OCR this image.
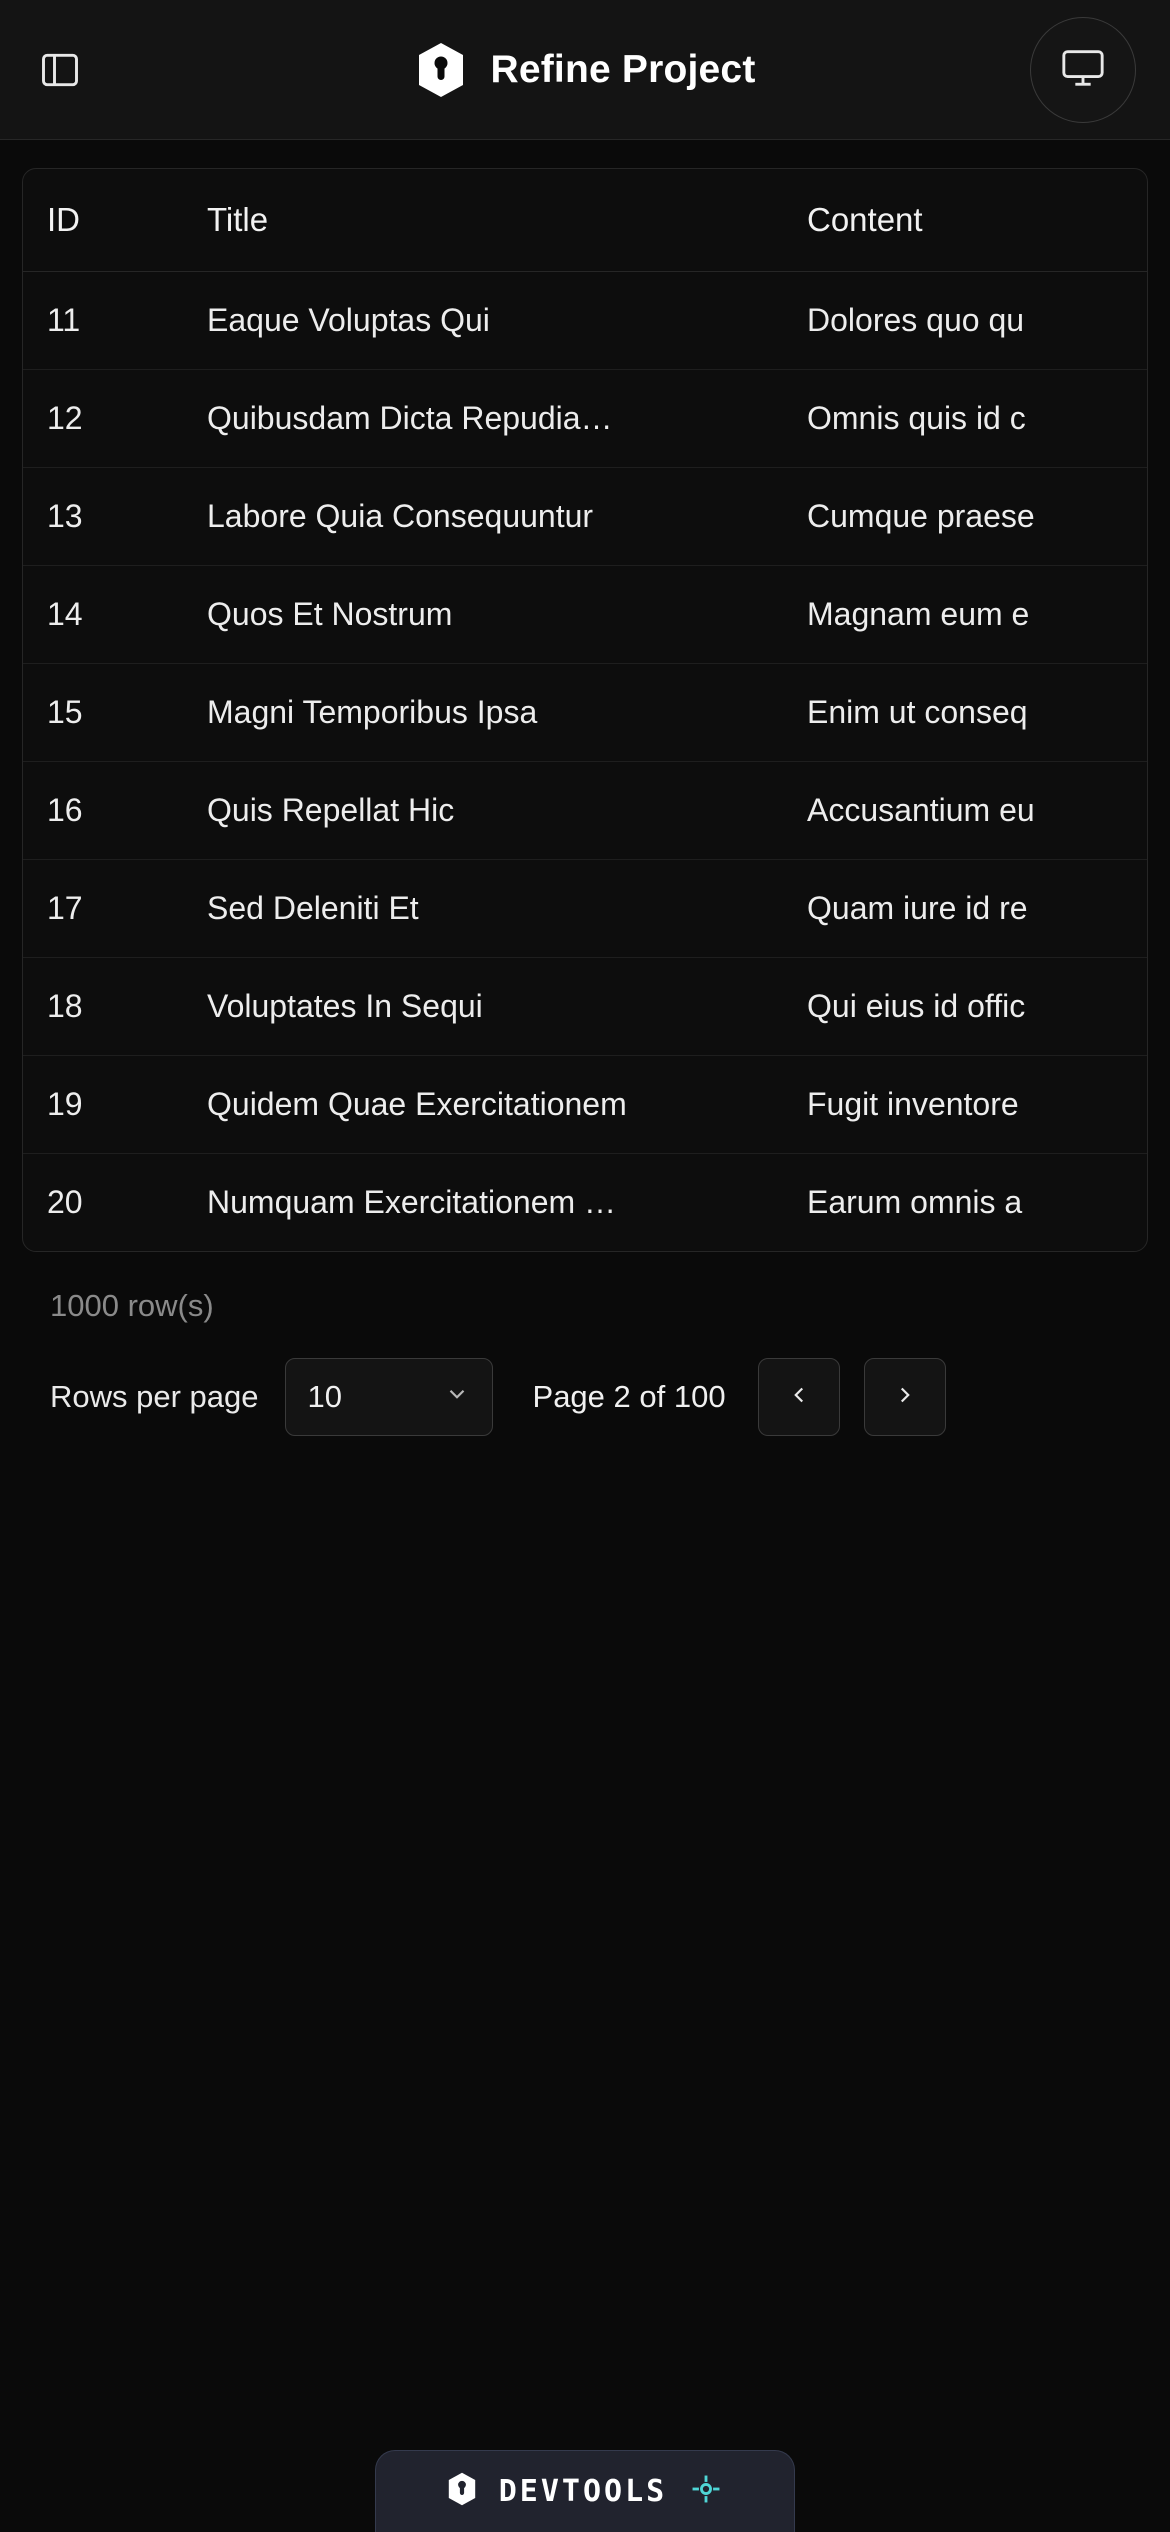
Refine Project
ID	Title	Content
11	Eaque Voluptas Qui	Dolores quo qu
12	Quibusdam Dicta Repudia…	Omnis quis id c
13	Labore Quia Consequuntur	Cumque praese
14	Quos Et Nostrum	Magnam eum e
15	Magni Temporibus Ipsa	Enim ut conseq
16	Quis Repellat Hic	Accusantium eu
17	Sed Deleniti Et	Quam iure id re
18	Voluptates In Sequi	Qui eius id offic
19	Quidem Quae Exercitationem	Fugit inventore
20	Numquam Exercitationem …	Earum omnis a
1000 row(s)
Rows per page 10	Page 2 of 100
DEVTOOLS
